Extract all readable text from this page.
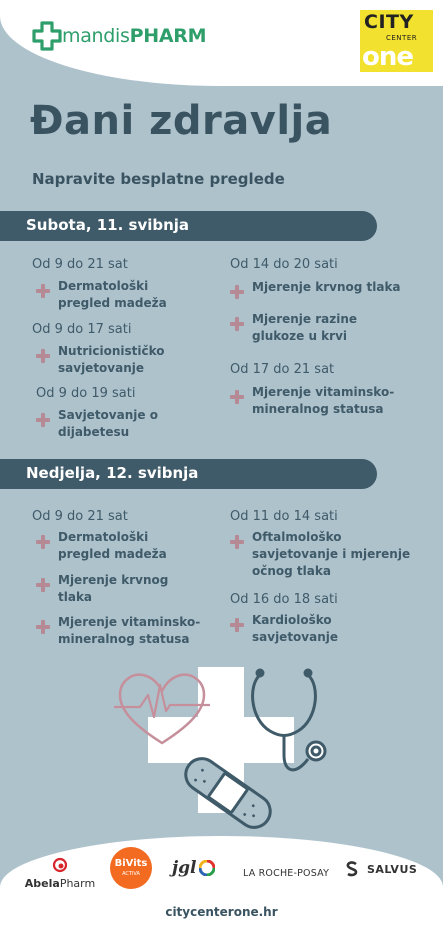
mandisPHARM
CITY
CENTER
one
Đani zdravlja
Napravite besplatne preglede
Subota, 11. svibnja
Od 9 do 21 sat
Dermatološki
pregled madeža
Od 9 do 17 sati
Nutricionističko
savjetovanje
Od 9 do 19 sati
Savjetovanje o
dijabetesu
Od 14 do 20 sati
Mjerenje krvnog tlaka
Mjerenje razine
glukoze u krvi
Od 17 do 21 sat
Mjerenje vitaminsko-
mineralnog statusa
Nedjelja, 12. svibnja
Od 9 do 21 sat
Dermatološki
pregled madeža
Mjerenje krvnog
tlaka
Mjerenje vitaminsko-
mineralnog statusa
Od 11 do 14 sati
Oftalmološko
savjetovanje i mjerenje
očnog tlaka
Od 16 do 18 sati
Kardiološko
savjetovanje
AbelaPharm
BiVits
ACTIVA	jgl	LA ROCHE-POSAY	SALVUS
citycenterone.hr
